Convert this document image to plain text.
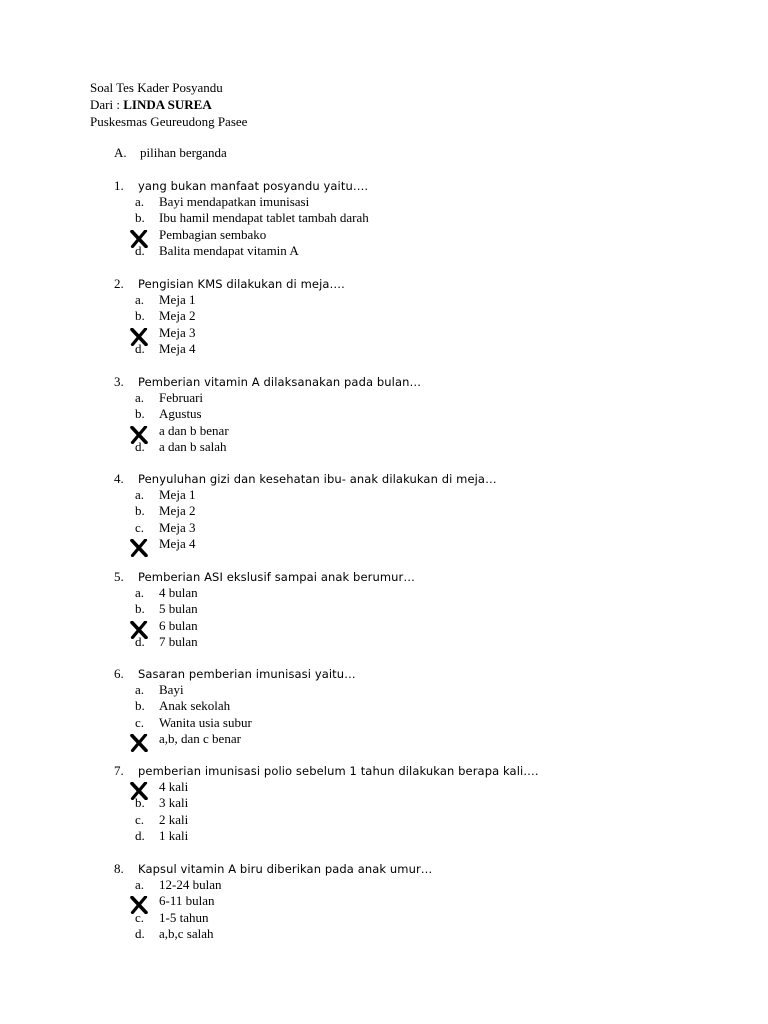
Soal Tes Kader Posyandu
Dari : LINDA SUREA
Puskesmas Geureudong Pasee
A. pilihan berganda
1. yang bukan manfaat posyandu yaitu….
a. Bayi mendapatkan imunisasi
b. Ibu hamil mendapat tablet tambah darah
Pembagian sembako
d. Balita mendapat vitamin A
2. Pengisian KMS dilakukan di meja….
a. Meja 1
b. Meja 2
Meja 3
d. Meja 4
3. Pemberian vitamin A dilaksanakan pada bulan…
a. Februari
b. Agustus
a dan b benar
d. a dan b salah
4. Penyuluhan gizi dan kesehatan ibu- anak dilakukan di meja…
a. Meja 1
b. Meja 2
c. Meja 3
Meja 4
5. Pemberian ASI ekslusif sampai anak berumur…
a. 4 bulan
b. 5 bulan
6 bulan
d. 7 bulan
6. Sasaran pemberian imunisasi yaitu…
a. Bayi
b. Anak sekolah
c. Wanita usia subur
a,b, dan c benar
7. pemberian imunisasi polio sebelum 1 tahun dilakukan berapa kali….
4 kali
b. 3 kali
c. 2 kali
d. 1 kali
8. Kapsul vitamin A biru diberikan pada anak umur…
a. 12-24 bulan
6-11 bulan
c. 1-5 tahun
d. a,b,c salah
